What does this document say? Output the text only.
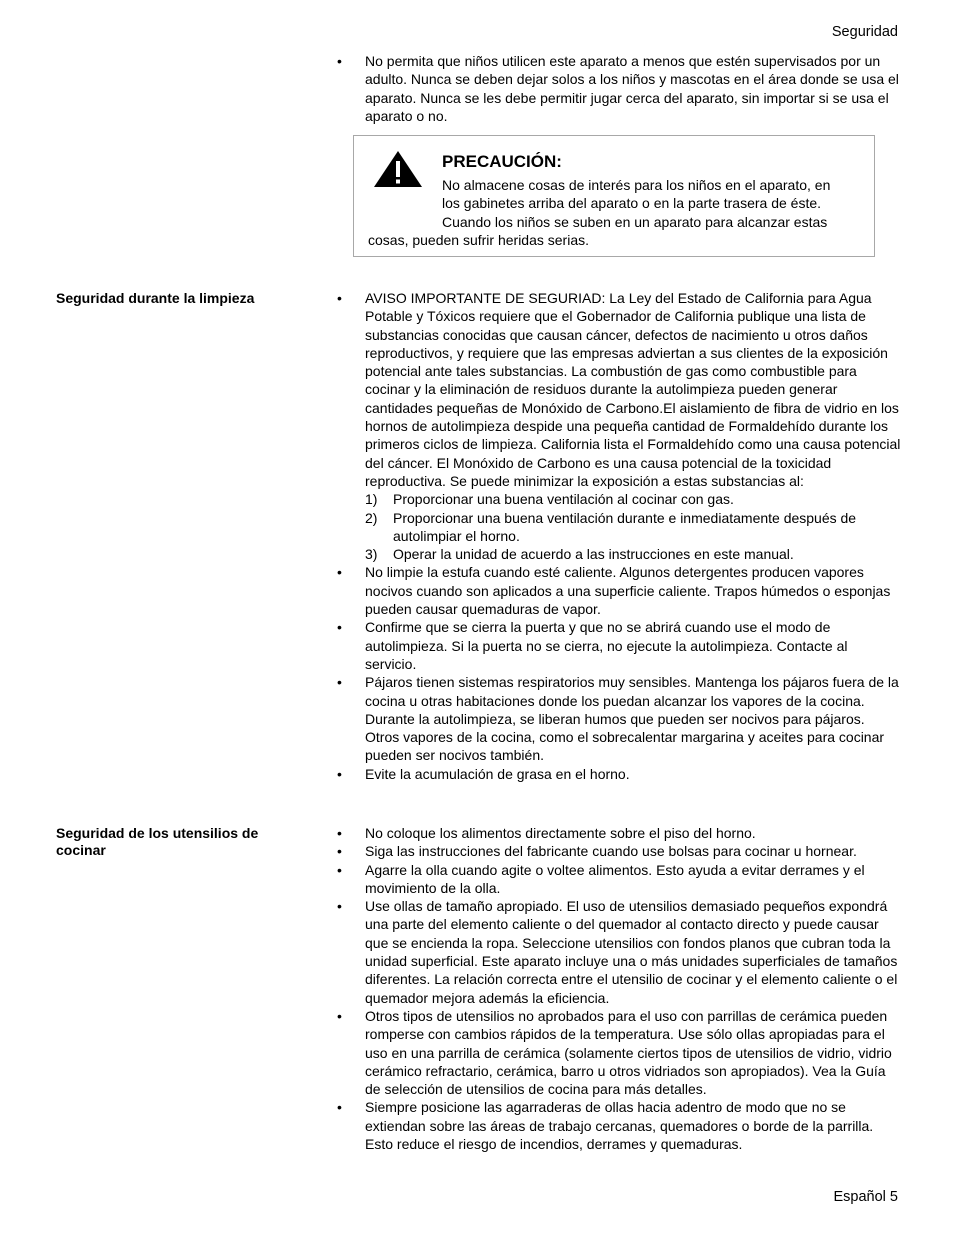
Seguridad
•	No permita que niños utilicen este aparato a menos que estén supervisados por un adulto. Nunca se deben dejar solos a los niños y mascotas en el área donde se usa el aparato. Nunca se les debe permitir jugar cerca del aparato, sin importar si se usa el aparato o no.
PRECAUCIÓN:
No almacene cosas de interés para los niños en el aparato, en
los gabinetes arriba del aparato o en la parte trasera de éste.
Cuando los niños se suben en un aparato para alcanzar estas
cosas, pueden sufrir heridas serias.
Seguridad durante la limpieza	•	AVISO IMPORTANTE DE SEGURIAD: La Ley del Estado de California para Agua Potable y Tóxicos requiere que el Gobernador de California publique una lista de substancias conocidas que causan cáncer, defectos de nacimiento u otros daños reproductivos, y requiere que las empresas adviertan a sus clientes de la exposición potencial ante tales substancias. La combustión de gas como combustible para cocinar y la eliminación de residuos durante la autolimpieza pueden generar cantidades pequeñas de Monóxido de Carbono.El aislamiento de fibra de vidrio en los hornos de autolimpieza despide una pequeña cantidad de Formaldehído durante los primeros ciclos de limpieza. California lista el Formaldehído como una causa potencial del cáncer. El Monóxido de Carbono es una causa potencial de la toxicidad reproductiva. Se puede minimizar la exposición a estas substancias al:
1)	Proporcionar una buena ventilación al cocinar con gas.
2)	Proporcionar una buena ventilación durante e inmediatamente después de autolimpiar el horno.
3)	Operar la unidad de acuerdo a las instrucciones en este manual.
•	No limpie la estufa cuando esté caliente. Algunos detergentes producen vapores nocivos cuando son aplicados a una superficie caliente. Trapos húmedos o esponjas pueden causar quemaduras de vapor.
•	Confirme que se cierra la puerta y que no se abrirá cuando use el modo de autolimpieza. Si la puerta no se cierra, no ejecute la autolimpieza. Contacte al servicio.
•	Pájaros tienen sistemas respiratorios muy sensibles. Mantenga los pájaros fuera de la cocina u otras habitaciones donde los puedan alcanzar los vapores de la cocina. Durante la autolimpieza, se liberan humos que pueden ser nocivos para pájaros. Otros vapores de la cocina, como el sobrecalentar margarina y aceites para cocinar pueden ser nocivos también.
•	Evite la acumulación de grasa en el horno.
Seguridad de los utensilios de cocinar
•	No coloque los alimentos directamente sobre el piso del horno.
•	Siga las instrucciones del fabricante cuando use bolsas para cocinar u hornear.
•	Agarre la olla cuando agite o voltee alimentos. Esto ayuda a evitar derrames y el movimiento de la olla.
•	Use ollas de tamaño apropiado. El uso de utensilios demasiado pequeños expondrá una parte del elemento caliente o del quemador al contacto directo y puede causar que se encienda la ropa. Seleccione utensilios con fondos planos que cubran toda la unidad superficial. Este aparato incluye una o más unidades superficiales de tamaños diferentes. La relación correcta entre el utensilio de cocinar y el elemento caliente o el quemador mejora además la eficiencia.
•	Otros tipos de utensilios no aprobados para el uso con parrillas de cerámica pueden romperse con cambios rápidos de la temperatura. Use sólo ollas apropiadas para el uso en una parrilla de cerámica (solamente ciertos tipos de utensilios de vidrio, vidrio cerámico refractario, cerámica, barro u otros vidriados son apropiados). Vea la Guía de selección de utensilios de cocina para más detalles.
•	Siempre posicione las agarraderas de ollas hacia adentro de modo que no se extiendan sobre las áreas de trabajo cercanas, quemadores o borde de la parrilla. Esto reduce el riesgo de incendios, derrames y quemaduras.
Español 5
